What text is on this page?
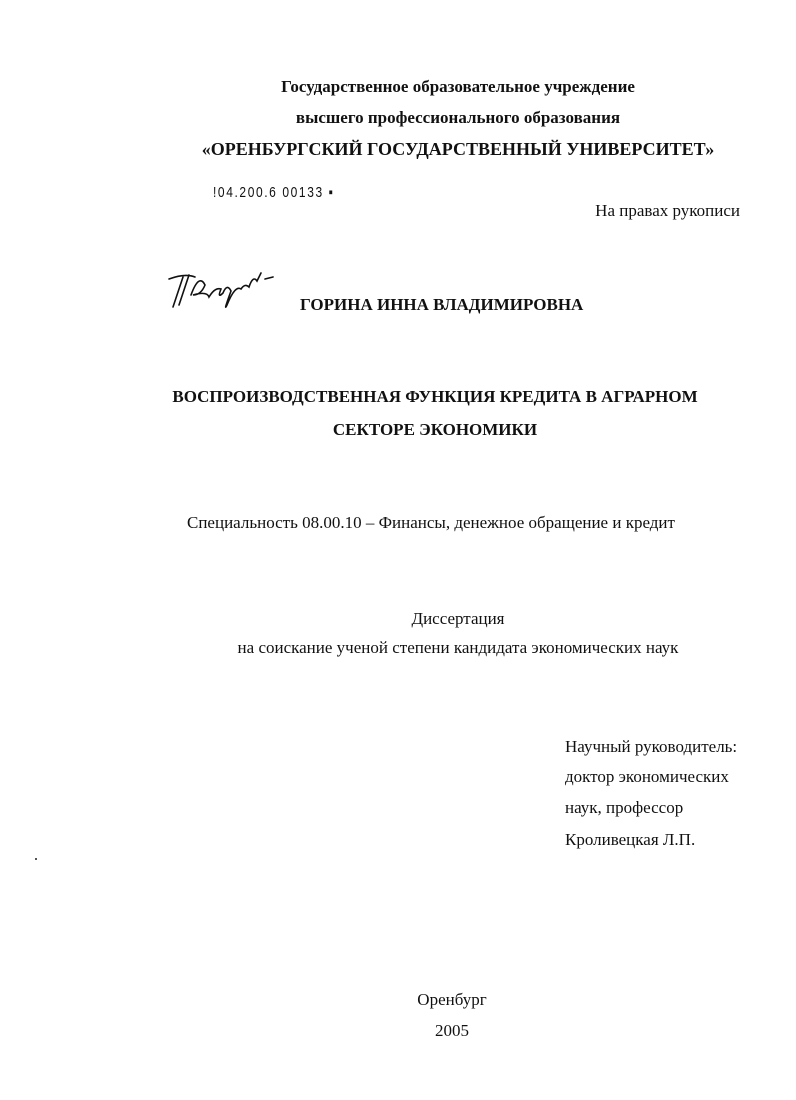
Государственное образовательное учреждение
высшего профессионального образования
«ОРЕНБУРГСКИЙ ГОСУДАРСТВЕННЫЙ УНИВЕРСИТЕТ»
!04.200.6 00133 ▪
На правах рукописи
ГОРИНА ИННА ВЛАДИМИРОВНА
ВОСПРОИЗВОДСТВЕННАЯ ФУНКЦИЯ КРЕДИТА В АГРАРНОМ
СЕКТОРЕ ЭКОНОМИКИ
Специальность 08.00.10 – Финансы, денежное обращение и кредит
Диссертация
на соискание ученой степени кандидата экономических наук
Научный руководитель:
доктор экономических
наук, профессор
Кроливецкая Л.П.
Оренбург
2005
